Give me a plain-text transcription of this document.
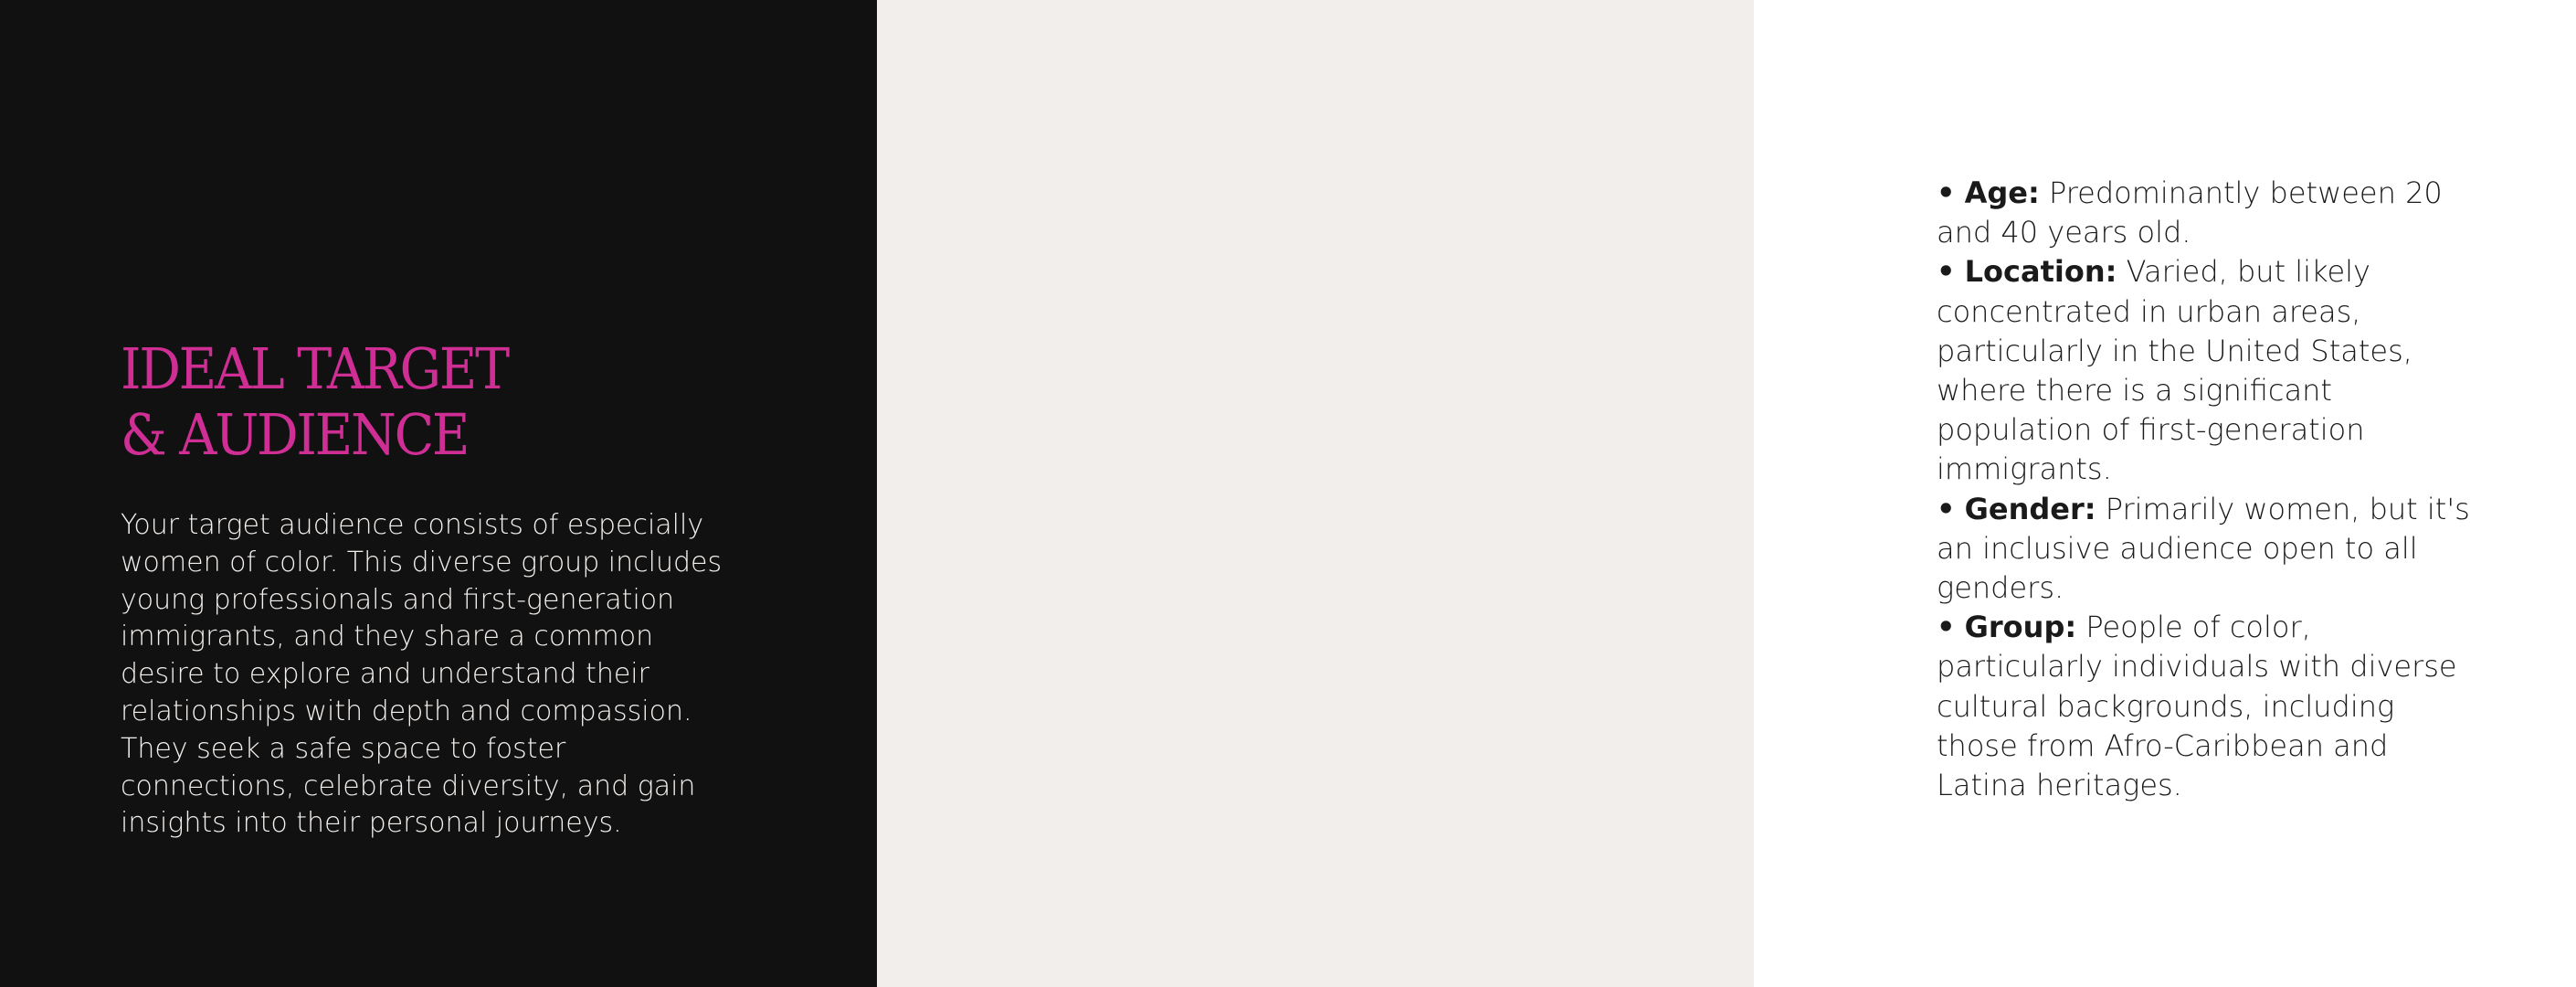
IDEAL TARGET
& AUDIENCE

Your target audience consists of especially
women of color. This diverse group includes
young professionals and first-generation
immigrants, and they share a common
desire to explore and understand their
relationships with depth and compassion.
They seek a safe space to foster
connections, celebrate diversity, and gain
insights into their personal journeys.

• Age: Predominantly between 20
and 40 years old.
• Location: Varied, but likely
concentrated in urban areas,
particularly in the United States,
where there is a significant
population of first-generation
immigrants.
• Gender: Primarily women, but it's
an inclusive audience open to all
genders.
• Group: People of color,
particularly individuals with diverse
cultural backgrounds, including
those from Afro-Caribbean and
Latina heritages.
